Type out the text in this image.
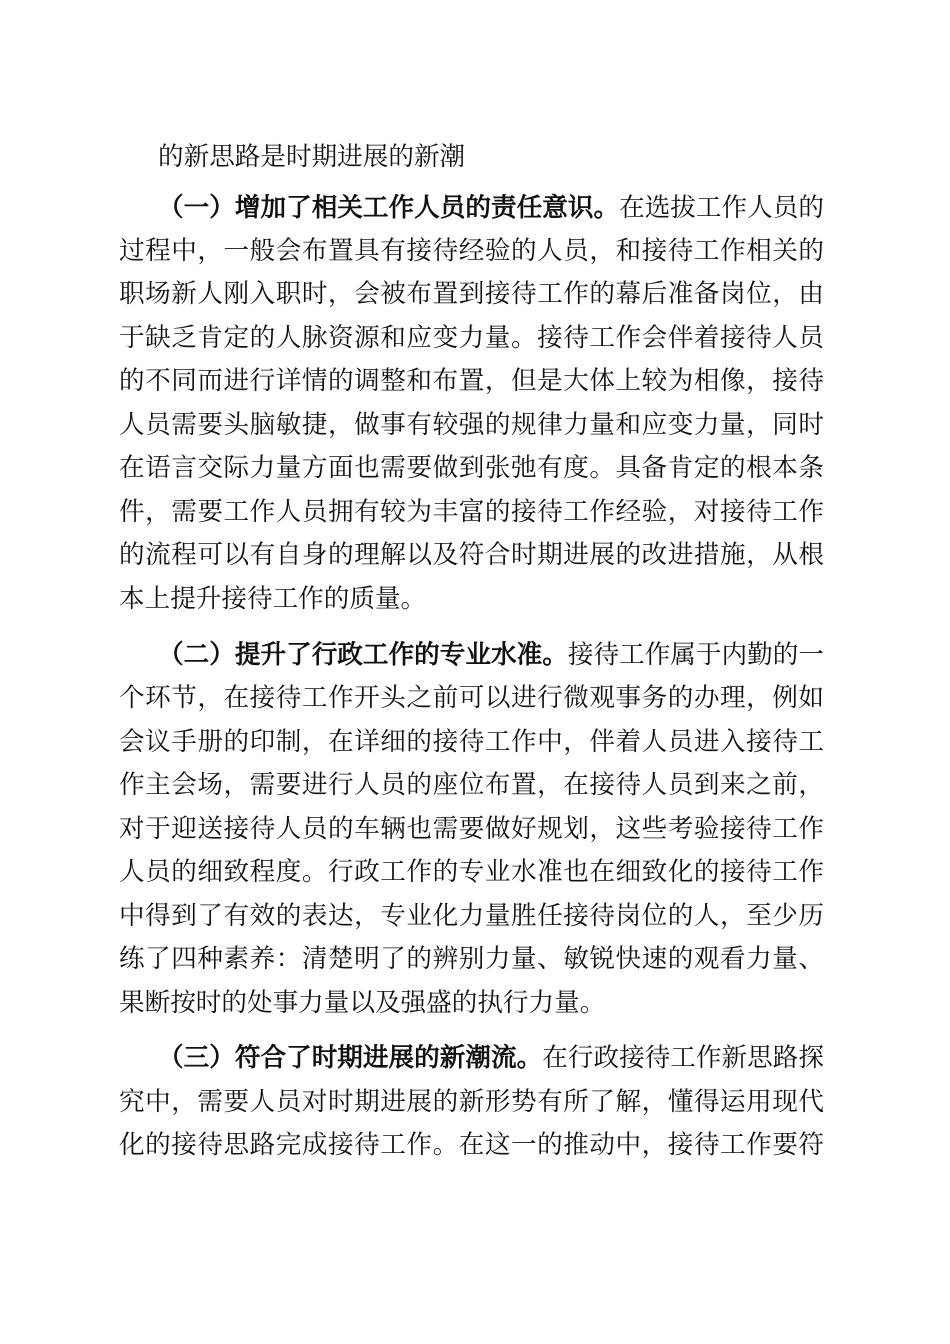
的新思路是时期进展的新潮
（一）增加了相关工作人员的责任意识。在选拔工作人员的
过程中，一般会布置具有接待经验的人员，和接待工作相关的
职场新人刚入职时，会被布置到接待工作的幕后准备岗位，由
于缺乏肯定的人脉资源和应变力量。接待工作会伴着接待人员
的不同而进行详情的调整和布置，但是大体上较为相像，接待
人员需要头脑敏捷，做事有较强的规律力量和应变力量，同时
在语言交际力量方面也需要做到张弛有度。具备肯定的根本条
件，需要工作人员拥有较为丰富的接待工作经验，对接待工作
的流程可以有自身的理解以及符合时期进展的改进措施，从根
本上提升接待工作的质量。
（二）提升了行政工作的专业水准。接待工作属于内勤的一
个环节，在接待工作开头之前可以进行微观事务的办理，例如
会议手册的印制，在详细的接待工作中，伴着人员进入接待工
作主会场，需要进行人员的座位布置，在接待人员到来之前，
对于迎送接待人员的车辆也需要做好规划，这些考验接待工作
人员的细致程度。行政工作的专业水准也在细致化的接待工作
中得到了有效的表达，专业化力量胜任接待岗位的人，至少历
练了四种素养：清楚明了的辨别力量、敏锐快速的观看力量、
果断按时的处事力量以及强盛的执行力量。
（三）符合了时期进展的新潮流。在行政接待工作新思路探
究中，需要人员对时期进展的新形势有所了解，懂得运用现代
化的接待思路完成接待工作。在这一的推动中，接待工作要符
